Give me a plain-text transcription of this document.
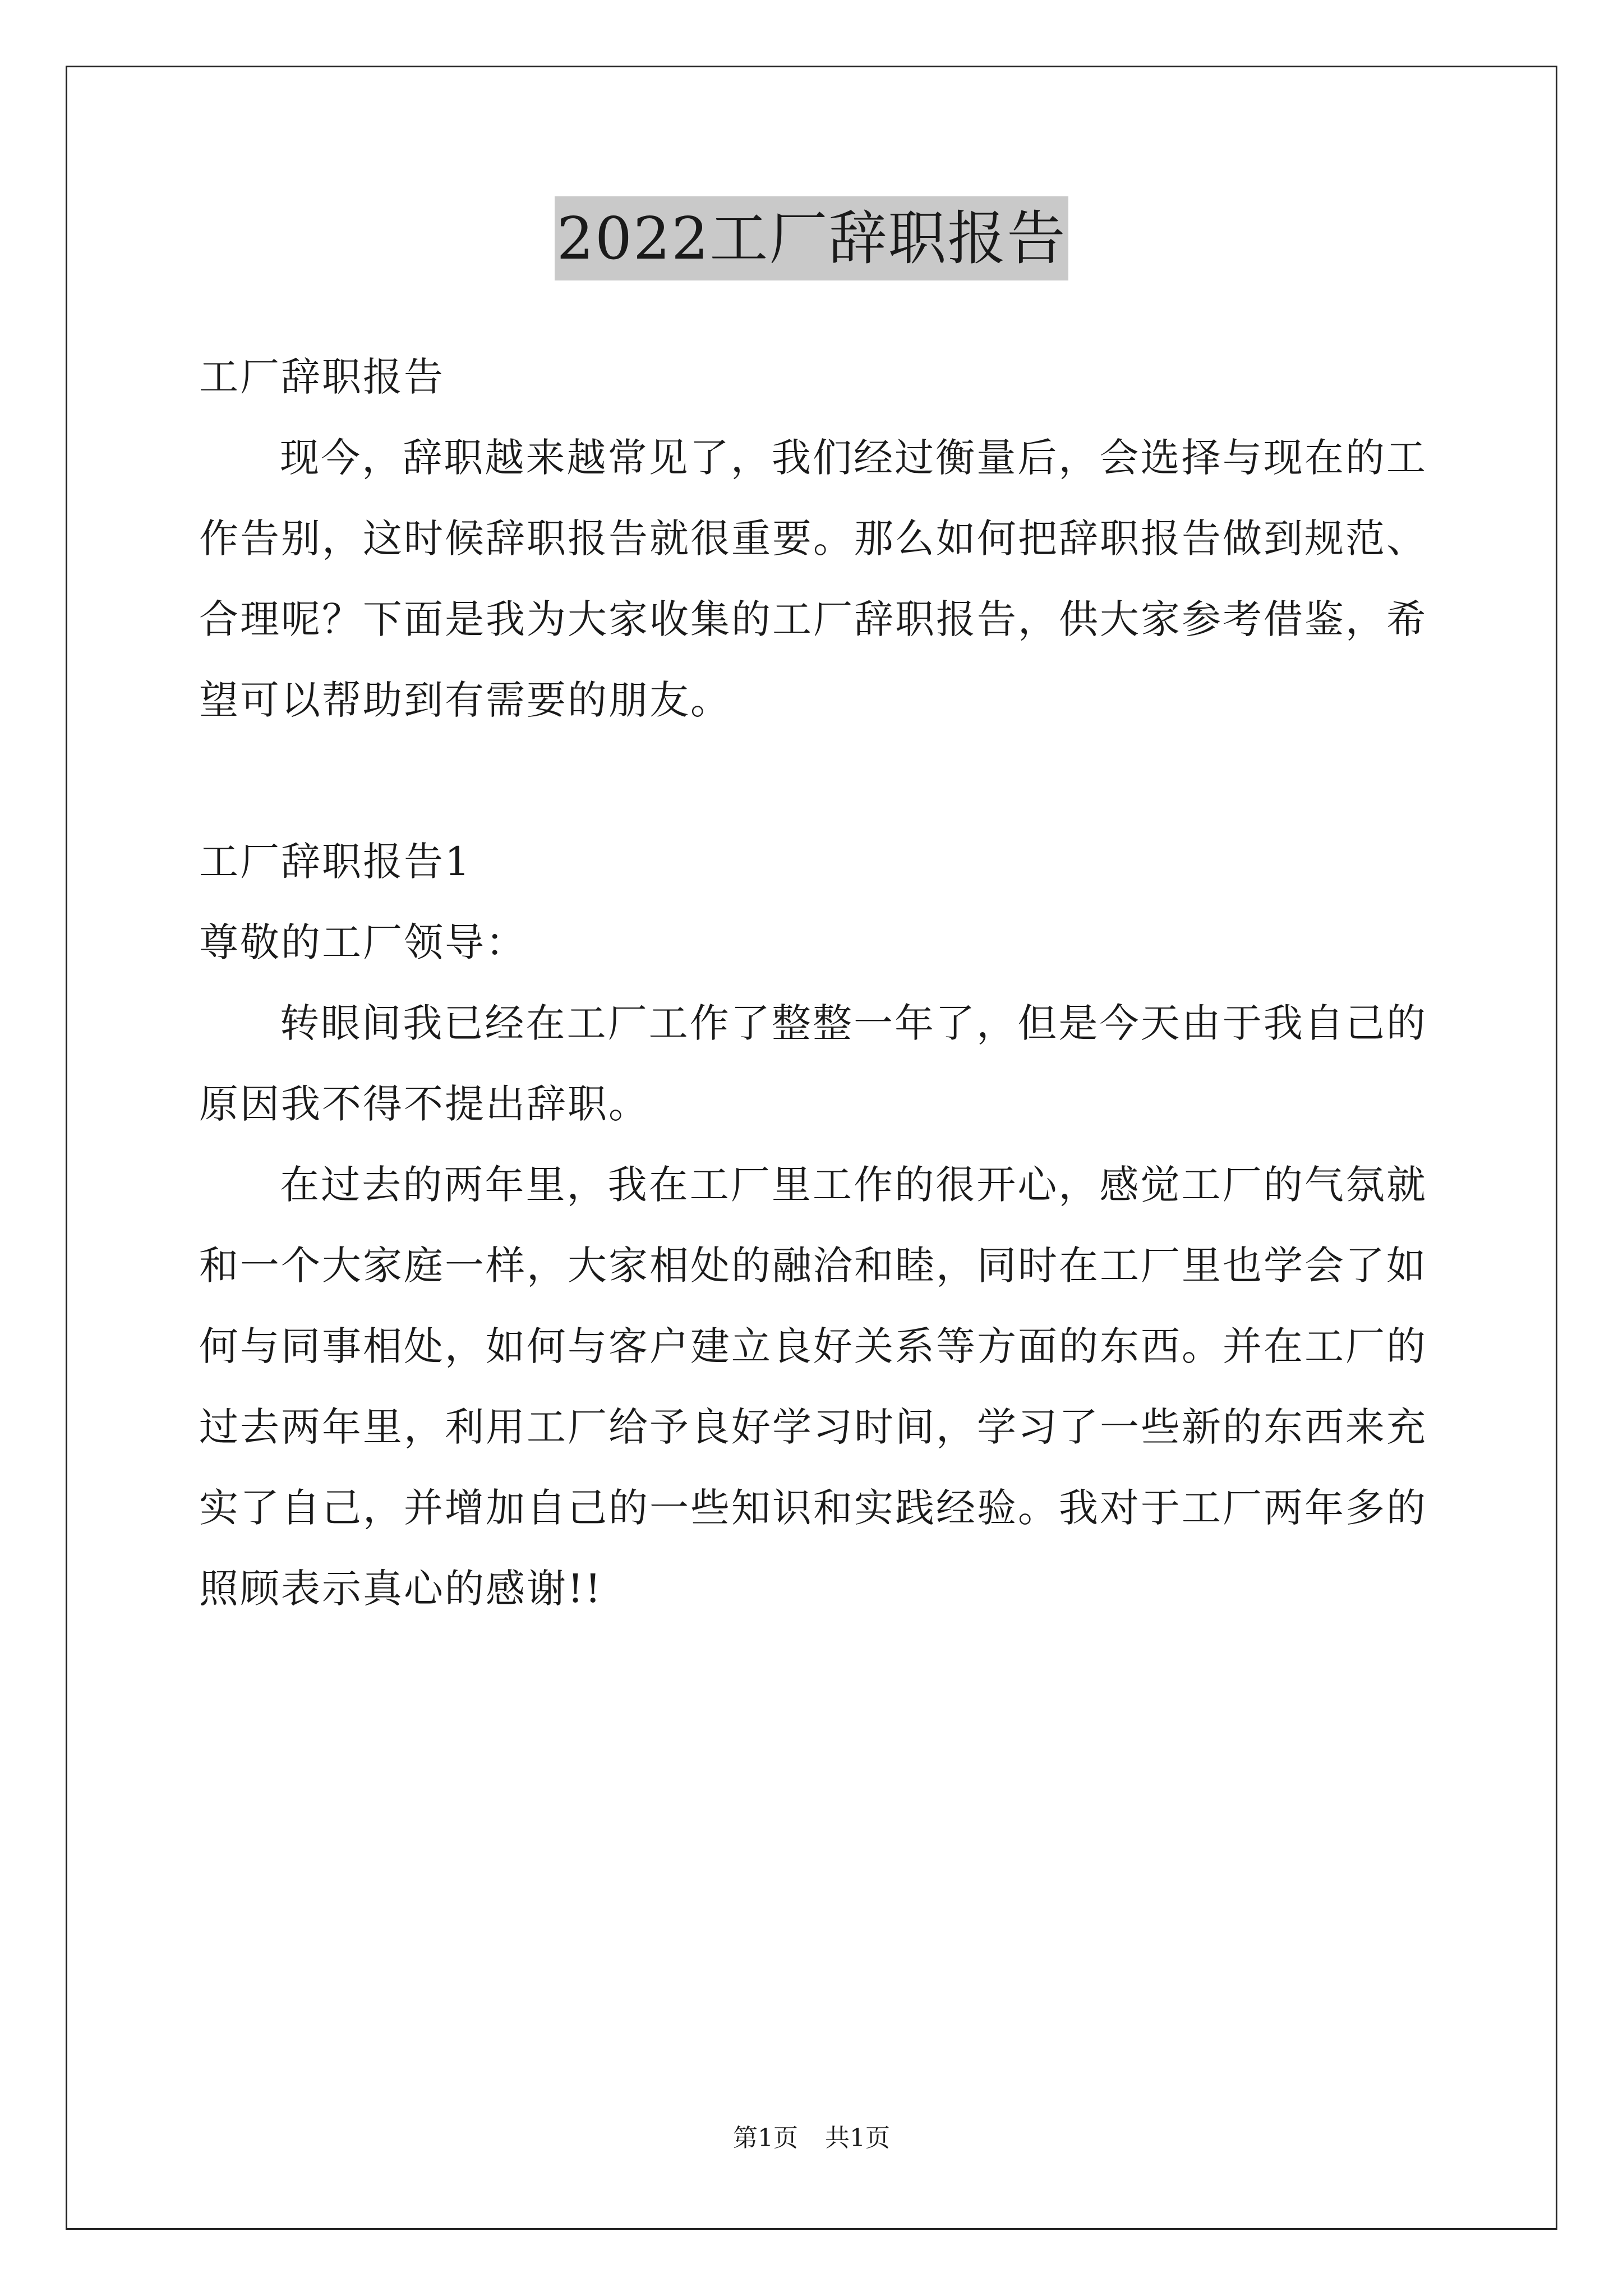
2022工厂辞职报告

工厂辞职报告

现今，辞职越来越常见了，我们经过衡量后，会选择与现在的工作告别，这时候辞职报告就很重要。那么如何把辞职报告做到规范、合理呢？下面是我为大家收集的工厂辞职报告，供大家参考借鉴，希望可以帮助到有需要的朋友。

工厂辞职报告1

尊敬的工厂领导：

转眼间我已经在工厂工作了整整一年了，但是今天由于我自己的原因我不得不提出辞职。

在过去的两年里，我在工厂里工作的很开心，感觉工厂的气氛就和一个大家庭一样，大家相处的融洽和睦，同时在工厂里也学会了如何与同事相处，如何与客户建立良好关系等方面的东西。并在工厂的过去两年里，利用工厂给予良好学习时间，学习了一些新的东西来充实了自己，并增加自己的一些知识和实践经验。我对于工厂两年多的照顾表示真心的感谢!!

第1页 共1页
